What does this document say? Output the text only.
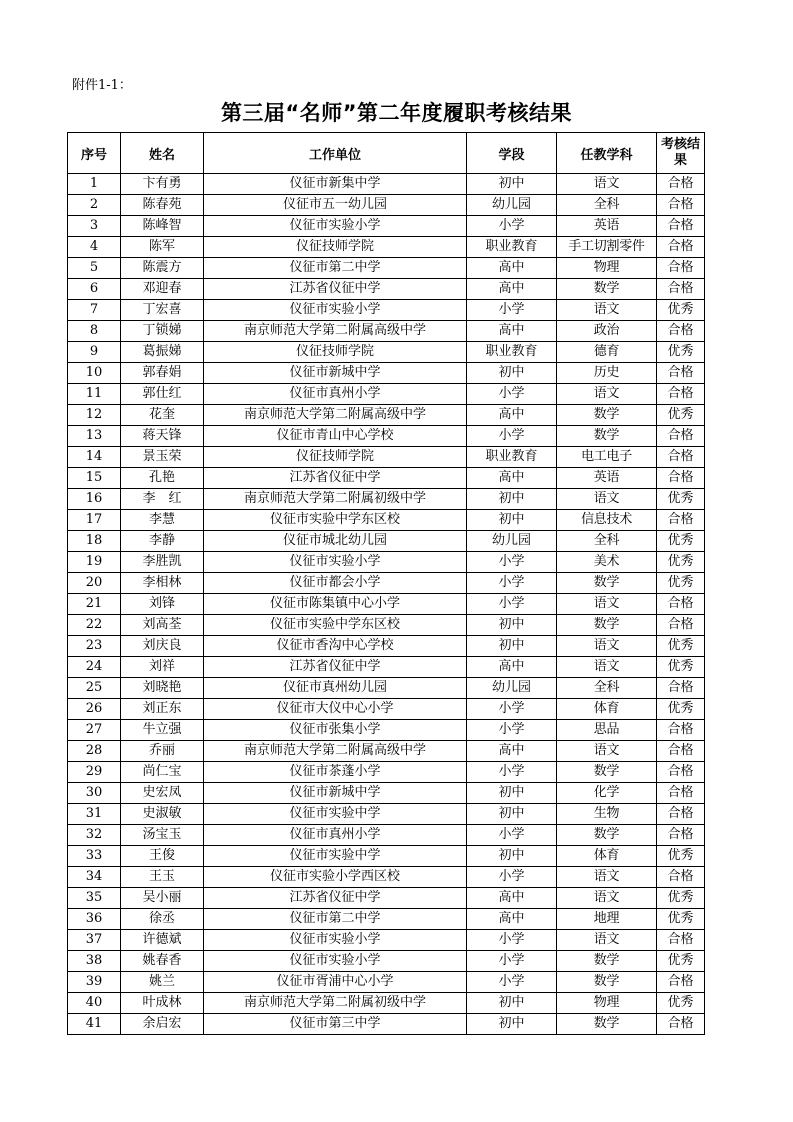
附件1-1：
第三届“名师”第二年度履职考核结果
序号	姓名	工作单位	学段	任教学科	考核结果
1	卞有勇	仪征市新集中学	初中	语文	合格
2	陈春苑	仪征市五一幼儿园	幼儿园	全科	合格
3	陈峰智	仪征市实验小学	小学	英语	合格
4	陈军	仪征技师学院	职业教育	手工切割零件	合格
5	陈震方	仪征市第二中学	高中	物理	合格
6	邓迎春	江苏省仪征中学	高中	数学	合格
7	丁宏喜	仪征市实验小学	小学	语文	优秀
8	丁锁娣	南京师范大学第二附属高级中学	高中	政治	合格
9	葛振娣	仪征技师学院	职业教育	德育	优秀
10	郭春娟	仪征市新城中学	初中	历史	合格
11	郭仕红	仪征市真州小学	小学	语文	合格
12	花奎	南京师范大学第二附属高级中学	高中	数学	优秀
13	蒋天锋	仪征市青山中心学校	小学	数学	合格
14	景玉荣	仪征技师学院	职业教育	电工电子	合格
15	孔艳	江苏省仪征中学	高中	英语	合格
16	李　红	南京师范大学第二附属初级中学	初中	语文	优秀
17	李慧	仪征市实验中学东区校	初中	信息技术	合格
18	李静	仪征市城北幼儿园	幼儿园	全科	优秀
19	李胜凯	仪征市实验小学	小学	美术	优秀
20	李相林	仪征市都会小学	小学	数学	优秀
21	刘锋	仪征市陈集镇中心小学	小学	语文	合格
22	刘高荃	仪征市实验中学东区校	初中	数学	合格
23	刘庆良	仪征市香沟中心学校	初中	语文	优秀
24	刘祥	江苏省仪征中学	高中	语文	优秀
25	刘晓艳	仪征市真州幼儿园	幼儿园	全科	合格
26	刘正东	仪征市大仪中心小学	小学	体育	优秀
27	牛立强	仪征市张集小学	小学	思品	合格
28	乔丽	南京师范大学第二附属高级中学	高中	语文	合格
29	尚仁宝	仪征市茶蓬小学	小学	数学	合格
30	史宏凤	仪征市新城中学	初中	化学	合格
31	史淑敏	仪征市实验中学	初中	生物	合格
32	汤宝玉	仪征市真州小学	小学	数学	合格
33	王俊	仪征市实验中学	初中	体育	优秀
34	王玉	仪征市实验小学西区校	小学	语文	合格
35	吴小丽	江苏省仪征中学	高中	语文	优秀
36	徐丞	仪征市第二中学	高中	地理	优秀
37	许德斌	仪征市实验小学	小学	语文	合格
38	姚春香	仪征市实验小学	小学	数学	优秀
39	姚兰	仪征市胥浦中心小学	小学	数学	合格
40	叶成林	南京师范大学第二附属初级中学	初中	物理	优秀
41	余启宏	仪征市第三中学	初中	数学	合格
